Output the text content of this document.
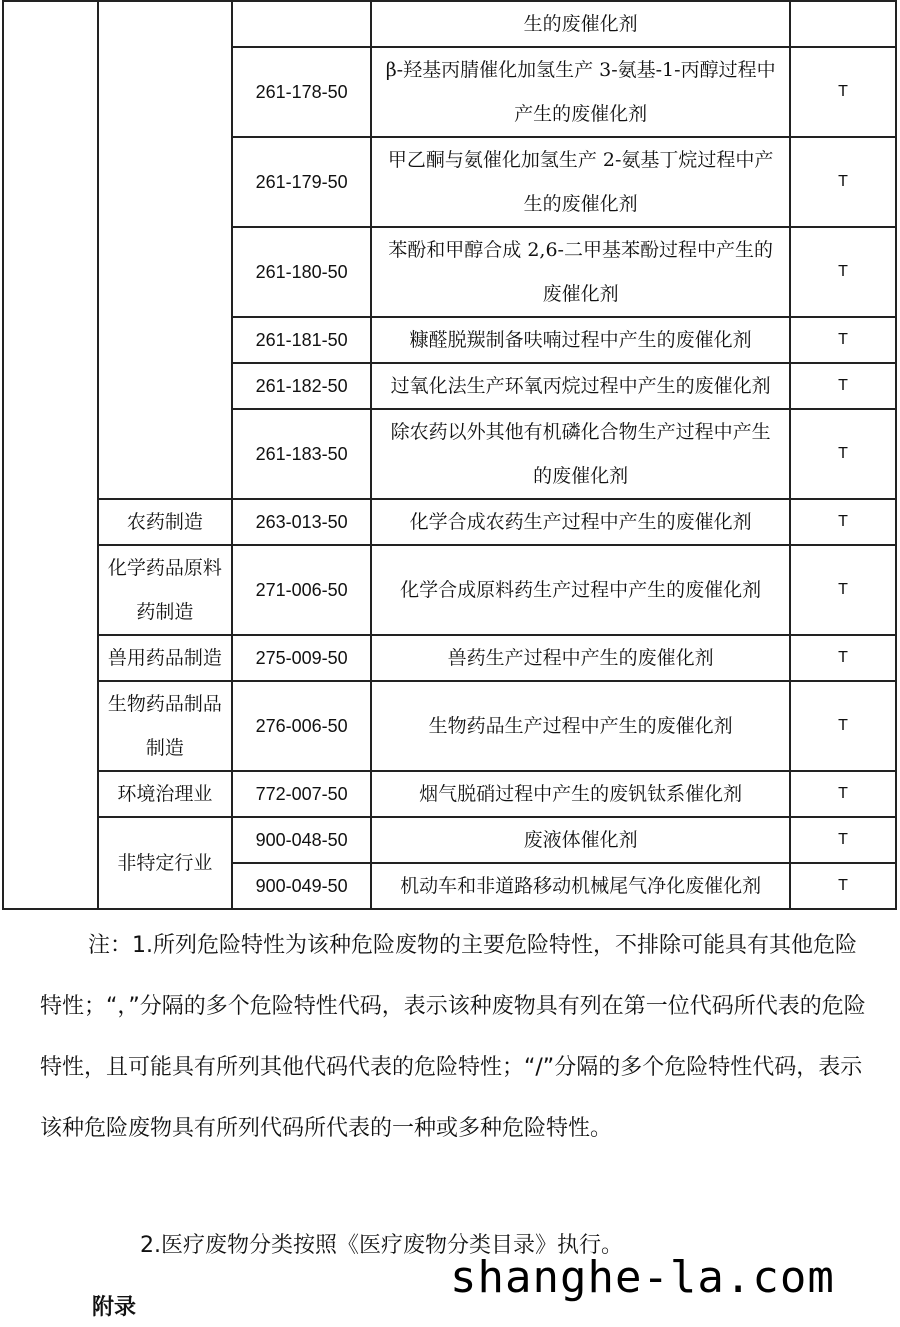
			生的废催化剂	
		261-178-50	β-羟基丙腈催化加氢生产 3-氨基-1-丙醇过程中
产生的废催化剂	T
		261-179-50	甲乙酮与氨催化加氢生产 2-氨基丁烷过程中产
生的废催化剂	T
		261-180-50	苯酚和甲醇合成 2,6-二甲基苯酚过程中产生的
废催化剂	T
		261-181-50	糠醛脱羰制备呋喃过程中产生的废催化剂	T
		261-182-50	过氧化法生产环氧丙烷过程中产生的废催化剂	T
		261-183-50	除农药以外其他有机磷化合物生产过程中产生
的废催化剂	T
	农药制造	263-013-50	化学合成农药生产过程中产生的废催化剂	T
	化学药品原料
药制造	271-006-50	化学合成原料药生产过程中产生的废催化剂	T
	兽用药品制造	275-009-50	兽药生产过程中产生的废催化剂	T
	生物药品制品
制造	276-006-50	生物药品生产过程中产生的废催化剂	T
	环境治理业	772-007-50	烟气脱硝过程中产生的废钒钛系催化剂	T
	非特定行业	900-048-50	废液体催化剂	T
		900-049-50	机动车和非道路移动机械尾气净化废催化剂	T

注：1.所列危险特性为该种危险废物的主要危险特性，不排除可能具有其他危险特性；“，”分隔的多个危险特性代码，表示该种废物具有列在第一位代码所代表的危险特性，且可能具有所列其他代码代表的危险特性；“/”分隔的多个危险特性代码，表示该种危险废物具有所列代码所代表的一种或多种危险特性。

2.医疗废物分类按照《医疗废物分类目录》执行。

shanghe-la.com

附录
